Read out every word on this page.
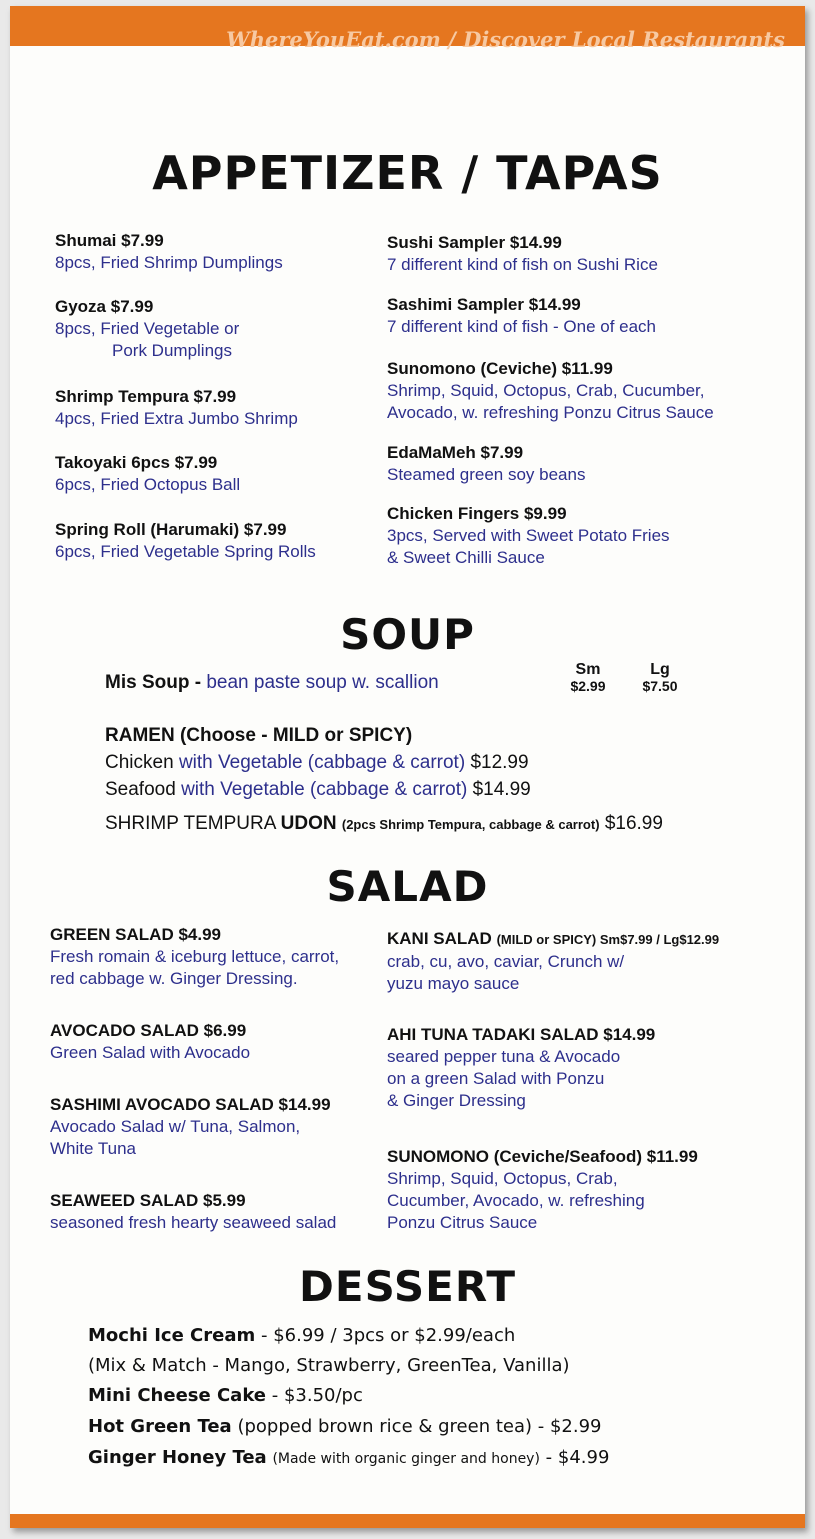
WhereYouEat.com / Discover Local Restaurants
APPETIZER / TAPAS
Shumai $7.99
8pcs, Fried Shrimp Dumplings
Gyoza $7.99
8pcs, Fried Vegetable or
Pork Dumplings
Shrimp Tempura $7.99
4pcs, Fried Extra Jumbo Shrimp
Takoyaki 6pcs $7.99
6pcs, Fried Octopus Ball
Spring Roll (Harumaki) $7.99
6pcs, Fried Vegetable Spring Rolls
Sushi Sampler $14.99
7 different kind of fish on Sushi Rice
Sashimi Sampler $14.99
7 different kind of fish - One of each
Sunomono (Ceviche) $11.99
Shrimp, Squid, Octopus, Crab, Cucumber,
Avocado, w. refreshing Ponzu Citrus Sauce
EdaMaMeh $7.99
Steamed green soy beans
Chicken Fingers $9.99
3pcs, Served with Sweet Potato Fries
& Sweet Chilli Sauce
SOUP
Sm
$2.99
Lg
$7.50
Mis Soup - bean paste soup w. scallion
RAMEN (Choose - MILD or SPICY)
Chicken with Vegetable (cabbage & carrot) $12.99
Seafood with Vegetable (cabbage & carrot) $14.99
SHRIMP TEMPURA UDON (2pcs Shrimp Tempura, cabbage & carrot) $16.99
SALAD
GREEN SALAD $4.99
Fresh romain & iceburg lettuce, carrot,
red cabbage w. Ginger Dressing.
AVOCADO SALAD $6.99
Green Salad with Avocado
SASHIMI AVOCADO SALAD $14.99
Avocado Salad w/ Tuna, Salmon,
White Tuna
SEAWEED SALAD $5.99
seasoned fresh hearty seaweed salad
KANI SALAD (MILD or SPICY) Sm$7.99 / Lg$12.99
crab, cu, avo, caviar, Crunch w/
yuzu mayo sauce
AHI TUNA TADAKI SALAD $14.99
seared pepper tuna & Avocado
on a green Salad with Ponzu
& Ginger Dressing
SUNOMONO (Ceviche/Seafood) $11.99
Shrimp, Squid, Octopus, Crab,
Cucumber, Avocado, w. refreshing
Ponzu Citrus Sauce
DESSERT
Mochi Ice Cream - $6.99 / 3pcs or $2.99/each
(Mix & Match - Mango, Strawberry, GreenTea, Vanilla)
Mini Cheese Cake - $3.50/pc
Hot Green Tea (popped brown rice & green tea) - $2.99
Ginger Honey Tea (Made with organic ginger and honey) - $4.99
